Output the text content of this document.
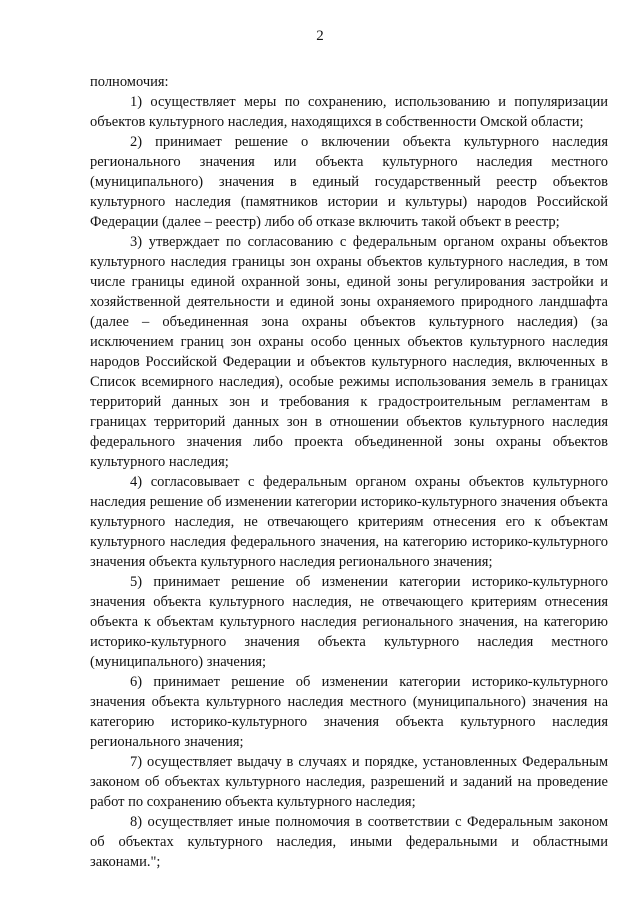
2

полномочия:

1) осуществляет меры по сохранению, использованию и популяризации объектов культурного наследия, находящихся в собственности Омской области;

2) принимает решение о включении объекта культурного наследия регионального значения или объекта культурного наследия местного (муниципального) значения в единый государственный реестр объектов культурного наследия (памятников истории и культуры) народов Российской Федерации (далее – реестр) либо об отказе включить такой объект в реестр;

3) утверждает по согласованию с федеральным органом охраны объектов культурного наследия границы зон охраны объектов культурного наследия, в том числе границы единой охранной зоны, единой зоны регулирования застройки и хозяйственной деятельности и единой зоны охраняемого природного ландшафта (далее – объединенная зона охраны объектов культурного наследия) (за исключением границ зон охраны особо ценных объектов культурного наследия народов Российской Федерации и объектов культурного наследия, включенных в Список всемирного наследия), особые режимы использования земель в границах территорий данных зон и требования к градостроительным регламентам в границах территорий данных зон в отношении объектов культурного наследия федерального значения либо проекта объединенной зоны охраны объектов культурного наследия;

4) согласовывает с федеральным органом охраны объектов культурного наследия решение об изменении категории историко-культурного значения объекта культурного наследия, не отвечающего критериям отнесения его к объектам культурного наследия федерального значения, на категорию историко-культурного значения объекта культурного наследия регионального значения;

5) принимает решение об изменении категории историко-культурного значения объекта культурного наследия, не отвечающего критериям отнесения объекта к объектам культурного наследия регионального значения, на категорию историко-культурного значения объекта культурного наследия местного (муниципального) значения;

6) принимает решение об изменении категории историко-культурного значения объекта культурного наследия местного (муниципального) значения на категорию историко-культурного значения объекта культурного наследия регионального значения;

7) осуществляет выдачу в случаях и порядке, установленных Федеральным законом об объектах культурного наследия, разрешений и заданий на проведение работ по сохранению объекта культурного наследия;

8) осуществляет иные полномочия в соответствии с Федеральным законом об объектах культурного наследия, иными федеральными и областными законами.";
